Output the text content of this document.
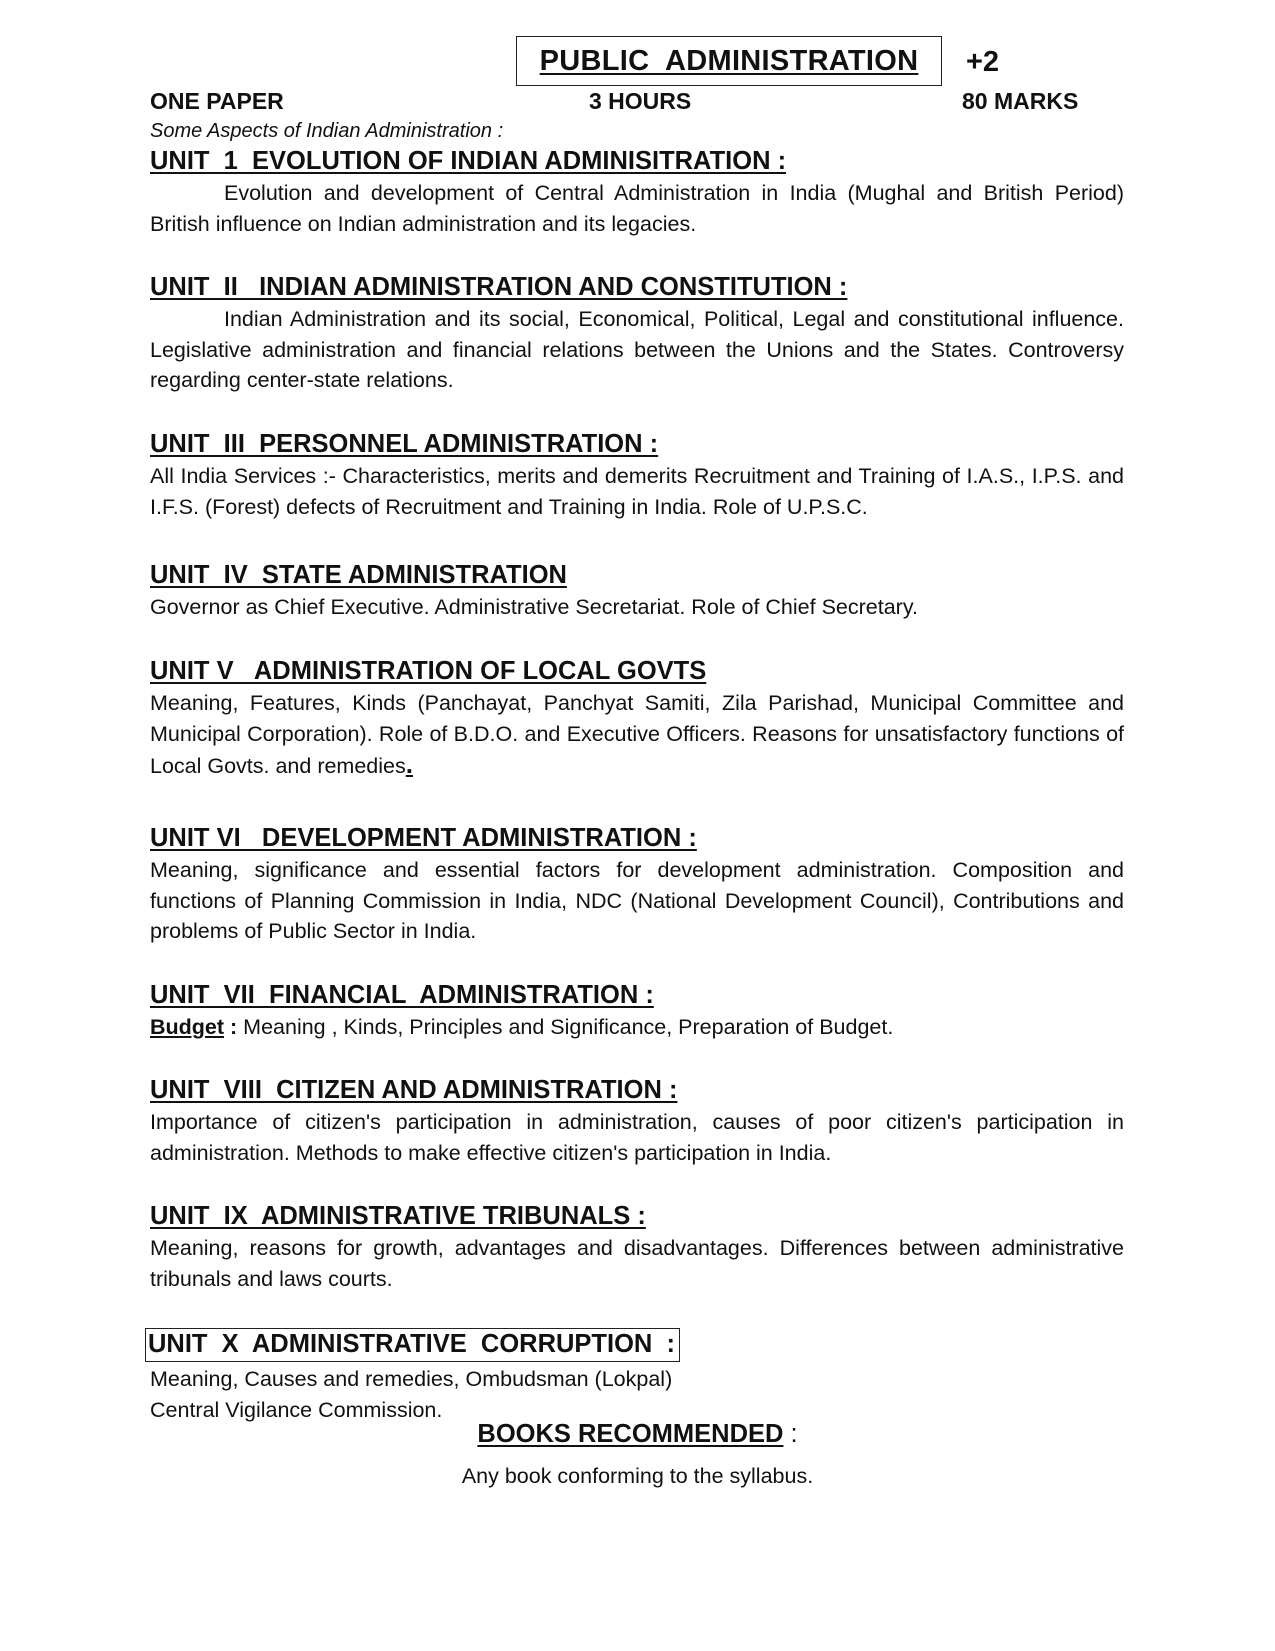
PUBLIC  ADMINISTRATION +2
ONE PAPER	3 HOURS	80 MARKS
Some Aspects of Indian Administration :

UNIT  1  EVOLUTION OF INDIAN ADMINISITRATION :

Evolution and development of Central Administration in India (Mughal and British Period) British influence on Indian administration and its legacies.

UNIT  II   INDIAN ADMINISTRATION AND CONSTITUTION :

Indian Administration and its social, Economical, Political, Legal and constitutional influence. Legislative administration and financial relations between the Unions and the States. Controversy regarding center-state relations.

UNIT  III  PERSONNEL ADMINISTRATION :

All India Services :- Characteristics, merits and demerits Recruitment and Training of I.A.S., I.P.S. and I.F.S. (Forest) defects of Recruitment and Training in India. Role of U.P.S.C.

UNIT  IV  STATE ADMINISTRATION

Governor as Chief Executive. Administrative Secretariat. Role of Chief Secretary.

UNIT V   ADMINISTRATION OF LOCAL GOVTS

Meaning, Features, Kinds (Panchayat, Panchyat Samiti, Zila Parishad, Municipal Committee and Municipal Corporation). Role of B.D.O. and Executive Officers. Reasons for unsatisfactory functions of Local Govts. and remedies.

UNIT VI   DEVELOPMENT ADMINISTRATION :

Meaning, significance and essential factors for development administration. Composition and functions of Planning Commission in India, NDC (National Development Council), Contributions and problems of Public Sector in India.

UNIT  VII  FINANCIAL  ADMINISTRATION :

Budget : Meaning , Kinds, Principles and Significance, Preparation of Budget.

UNIT  VIII  CITIZEN AND ADMINISTRATION :

Importance of citizen's participation in administration, causes of poor citizen's participation in administration. Methods to make effective citizen's participation in India.

UNIT  IX  ADMINISTRATIVE TRIBUNALS :

Meaning, reasons for growth, advantages and disadvantages. Differences between administrative tribunals and laws courts.

UNIT  X  ADMINISTRATIVE  CORRUPTION  :

Meaning, Causes and remedies, Ombudsman (Lokpal)

Central Vigilance Commission.

BOOKS RECOMMENDED :
Any book conforming to the syllabus.
